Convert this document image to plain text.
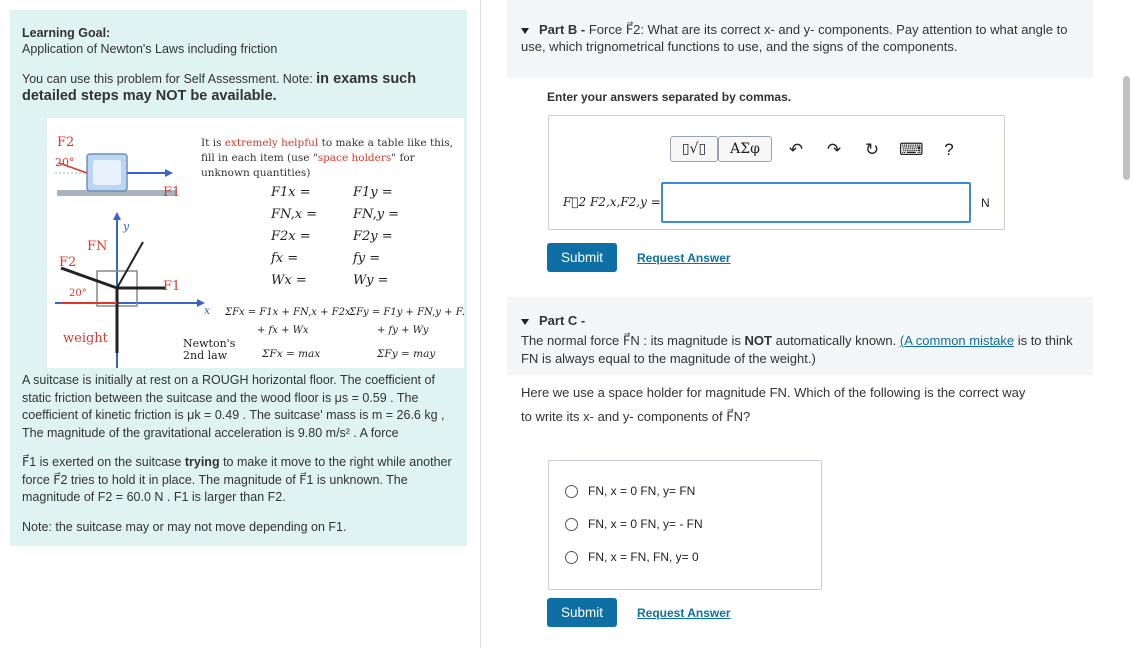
Learning Goal:
Application of Newton's Laws including friction
You can use this problem for Self Assessment. Note: in exams such detailed steps may NOT be available.
F2
20°
F1
y
x
FN
F2
20°	F1
weight
It is extremely helpful to make a table like this,
fill in each item (use "space holders" for
unknown quantities)
F1x =	F1y =
FN,x =	FN,y =
F2x =	F2y =
fx =	fy =
Wx =	Wy =
ΣFx = F1x + FN,x + F2x
+ fx + Wx
ΣFy = F1y + FN,y + F2y
+ fy + Wy
Newton's
2nd law	ΣFx = max	ΣFy = may

A suitcase is initially at rest on a ROUGH horizontal floor. The coefficient of static friction between the suitcase and the wood floor is μs = 0.59 . The coefficient of kinetic friction is μk = 0.49 . The suitcase' mass is m = 26.6 kg , The magnitude of the gravitational acceleration is 9.80 m/s² . A force

F⃗1 is exerted on the suitcase trying to make it move to the right while another force F⃗2 tries to hold it in place. The magnitude of F⃗1 is unknown. The magnitude of F2 = 60.0 N . F1 is larger than F2.

Note: the suitcase may or may not move depending on F1.

Part B - Force F⃗2: What are its correct x- and y- components. Pay attention to what angle to use, which trignometrical functions to use, and the signs of the components.
Enter your answers separated by commas.
▯√▯	ΑΣφ	↶ ↷ ↻ ⌨	?
F⃗2 F2,x,F2,y =	N
Submit	Request Answer
Part C -
The normal force F⃗N : its magnitude is NOT automatically known. (A common mistake is to think FN is always equal to the magnitude of the weight.)
Here we use a space holder for magnitude FN. Which of the following is the correct way
to write its x- and y- components of F⃗N?
FN, x = 0 FN, y= FN
FN, x = 0 FN, y= - FN
FN, x = FN, FN, y= 0
Submit	Request Answer
